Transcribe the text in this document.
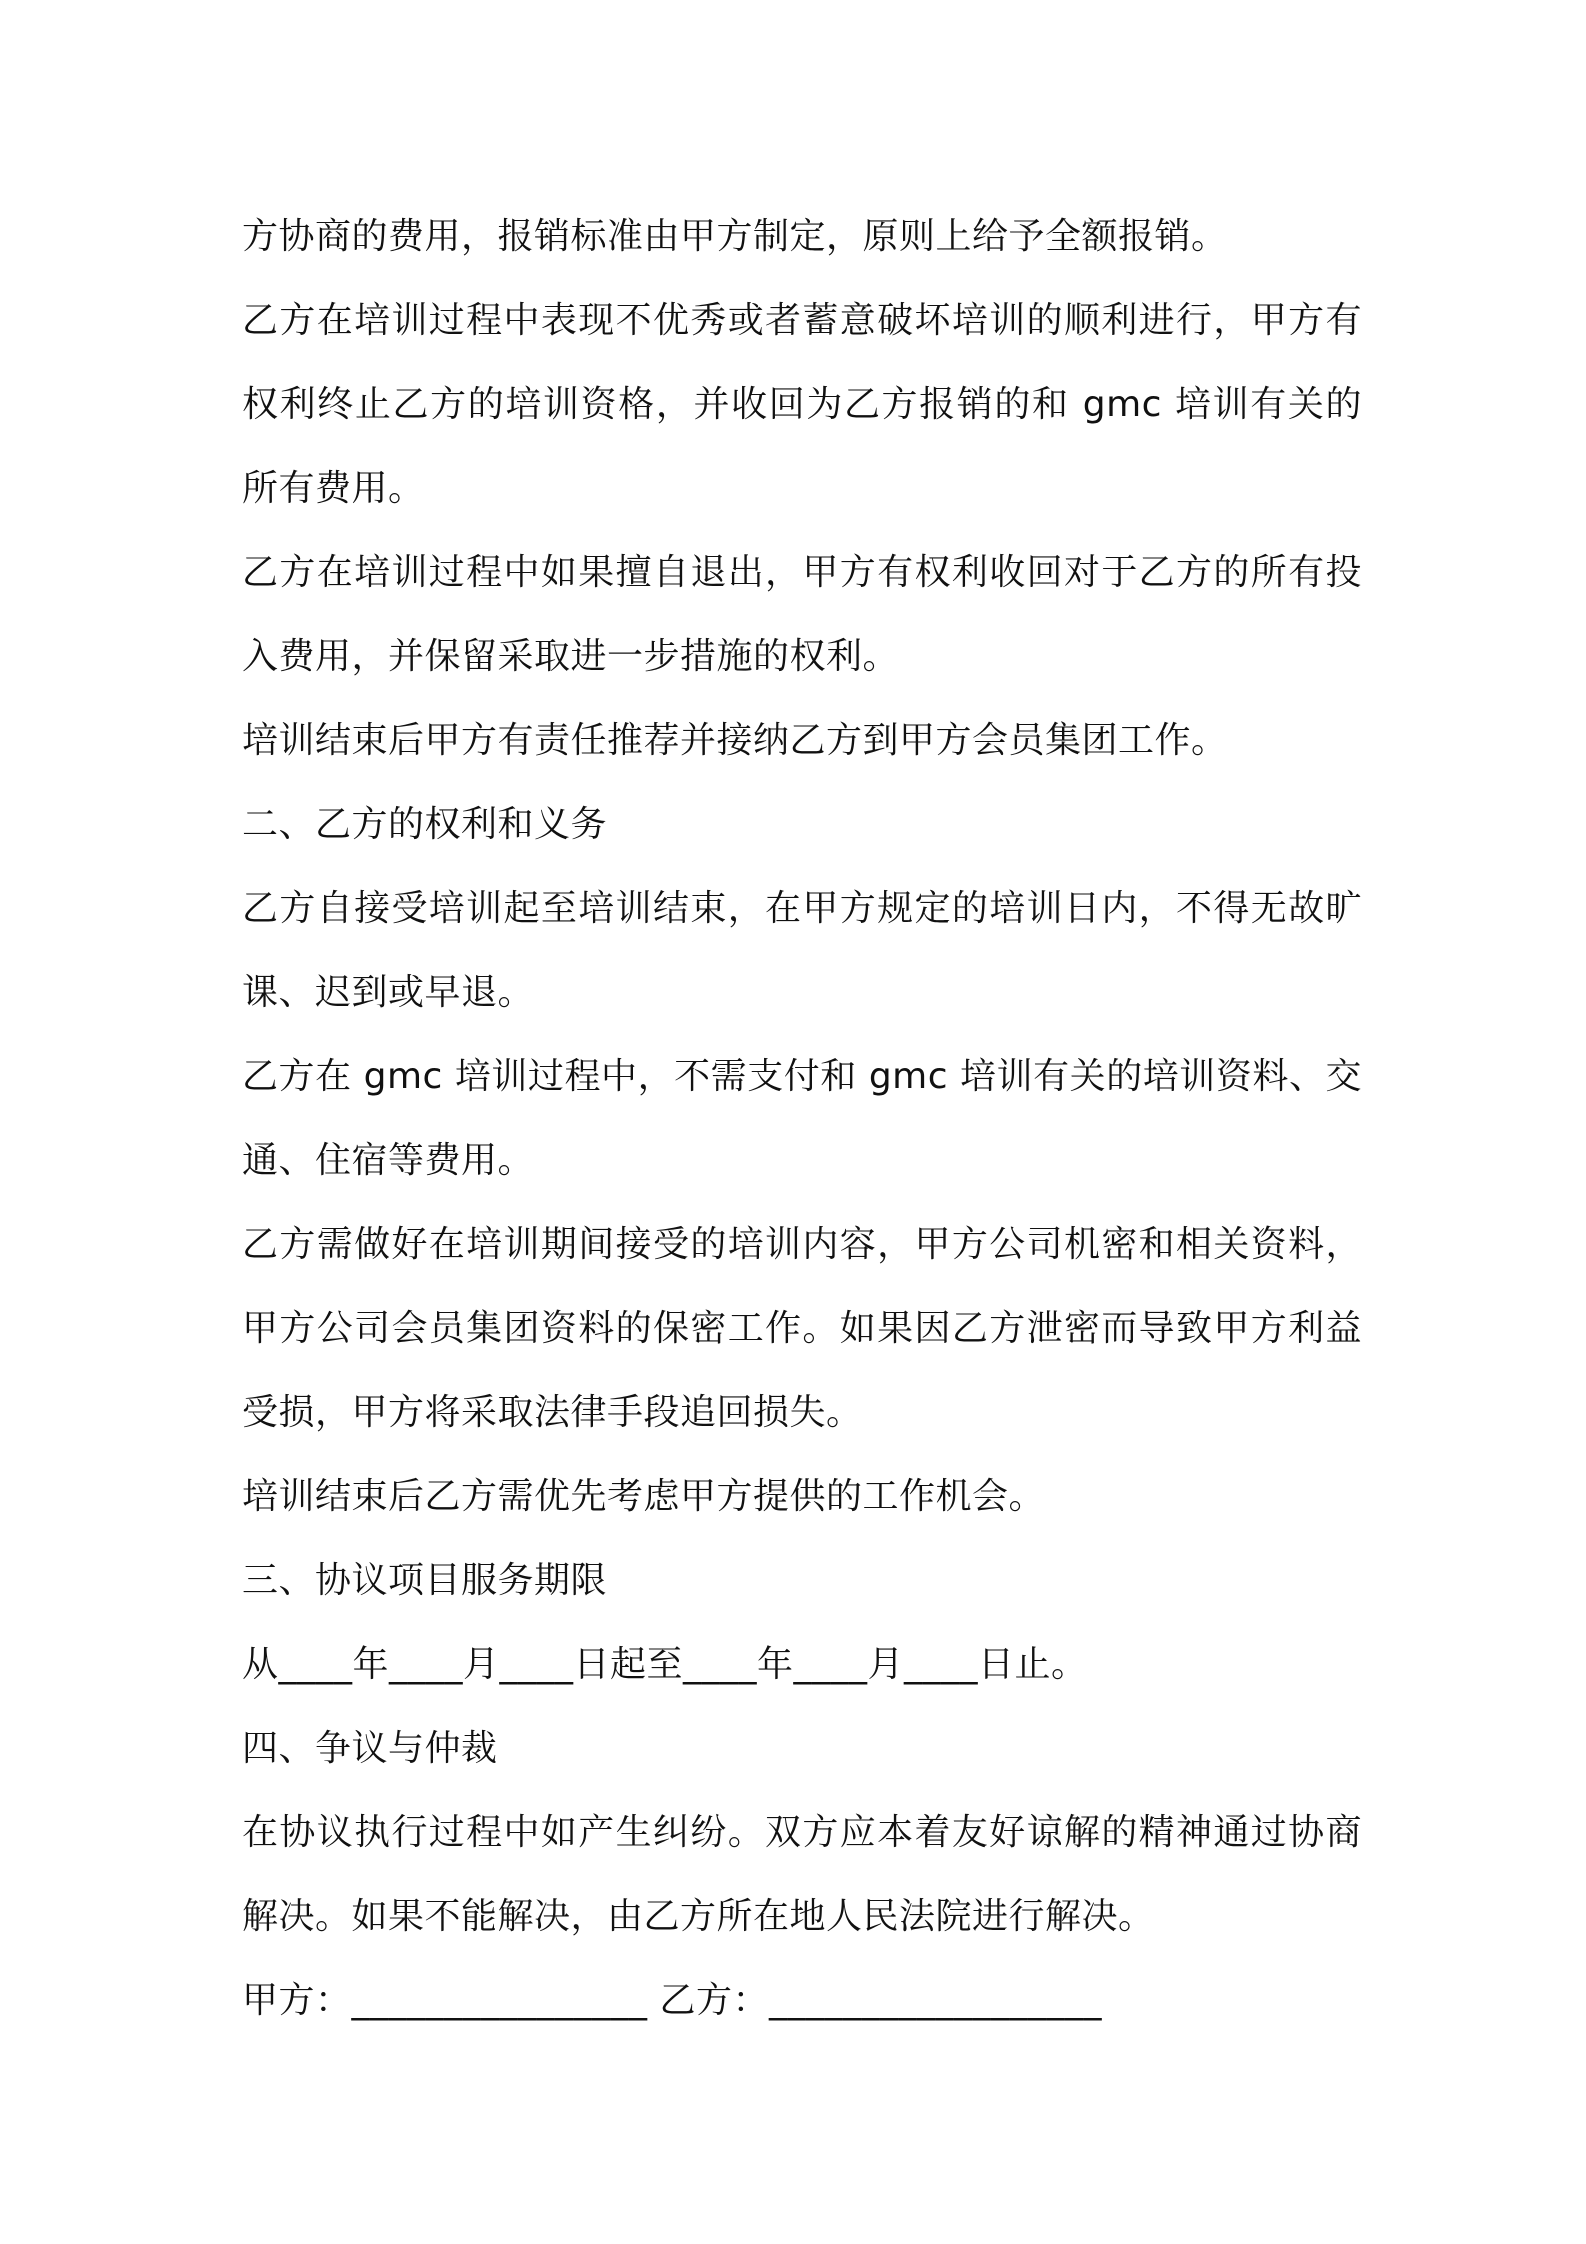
方协商的费用，报销标准由甲方制定，原则上给予全额报销。
乙方在培训过程中表现不优秀或者蓄意破坏培训的顺利进行，甲方有
权利终止乙方的培训资格，并收回为乙方报销的和 gmc 培训有关的
所有费用。
乙方在培训过程中如果擅自退出，甲方有权利收回对于乙方的所有投
入费用，并保留采取进一步措施的权利。
培训结束后甲方有责任推荐并接纳乙方到甲方会员集团工作。
二、乙方的权利和义务
乙方自接受培训起至培训结束，在甲方规定的培训日内，不得无故旷
课、迟到或早退。
乙方在 gmc 培训过程中，不需支付和 gmc 培训有关的培训资料、交
通、住宿等费用。
乙方需做好在培训期间接受的培训内容，甲方公司机密和相关资料，
甲方公司会员集团资料的保密工作。如果因乙方泄密而导致甲方利益
受损，甲方将采取法律手段追回损失。
培训结束后乙方需优先考虑甲方提供的工作机会。
三、协议项目服务期限
从____年____月____日起至____年____月____日止。
四、争议与仲裁
在协议执行过程中如产生纠纷。双方应本着友好谅解的精神通过协商
解决。如果不能解决，由乙方所在地人民法院进行解决。
甲方：________________ 乙方：__________________
